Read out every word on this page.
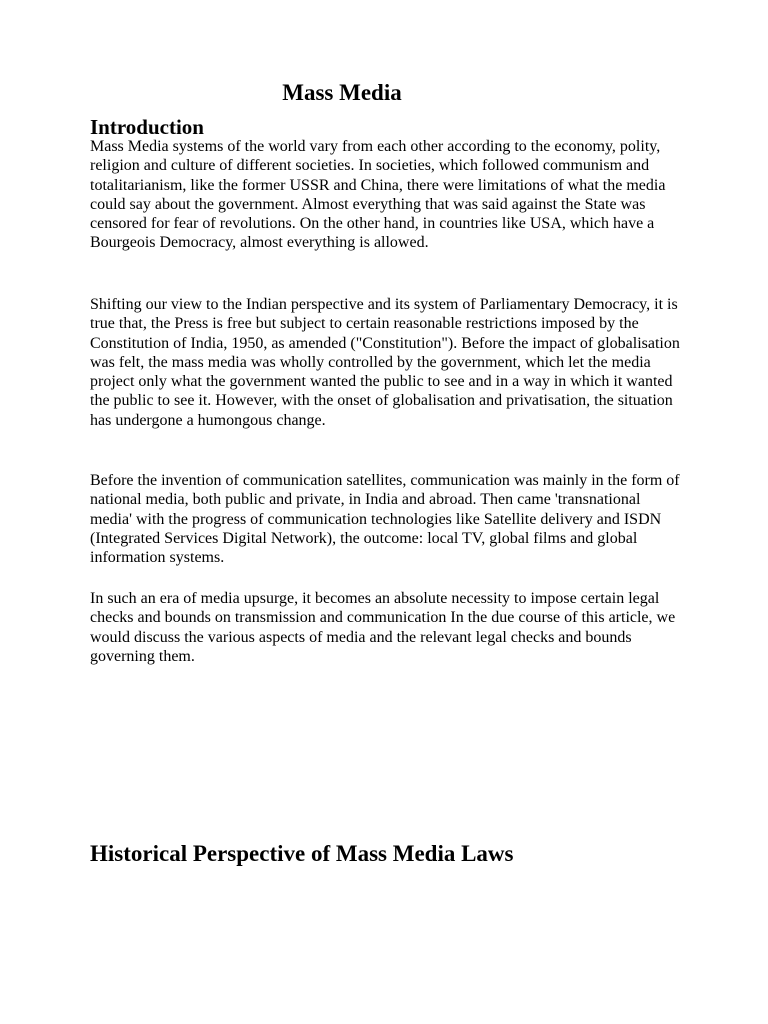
Mass Media
Introduction

Mass Media systems of the world vary from each other according to the economy, polity, religion and culture of different societies. In societies, which followed communism and totalitarianism, like the former USSR and China, there were limitations of what the media could say about the government. Almost everything that was said against the State was censored for fear of revolutions. On the other hand, in countries like USA, which have a Bourgeois Democracy, almost everything is allowed.

Shifting our view to the Indian perspective and its system of Parliamentary Democracy, it is true that, the Press is free but subject to certain reasonable restrictions imposed by the Constitution of India, 1950, as amended ("Constitution"). Before the impact of globalisation was felt, the mass media was wholly controlled by the government, which let the media project only what the government wanted the public to see and in a way in which it wanted the public to see it. However, with the onset of globalisation and privatisation, the situation has undergone a humongous change.

Before the invention of communication satellites, communication was mainly in the form of national media, both public and private, in India and abroad. Then came 'transnational media' with the progress of communication technologies like Satellite delivery and ISDN (Integrated Services Digital Network), the outcome: local TV, global films and global information systems.

In such an era of media upsurge, it becomes an absolute necessity to impose certain legal checks and bounds on transmission and communication In the due course of this article, we would discuss the various aspects of media and the relevant legal checks and bounds governing them.

Historical Perspective of Mass Media Laws
